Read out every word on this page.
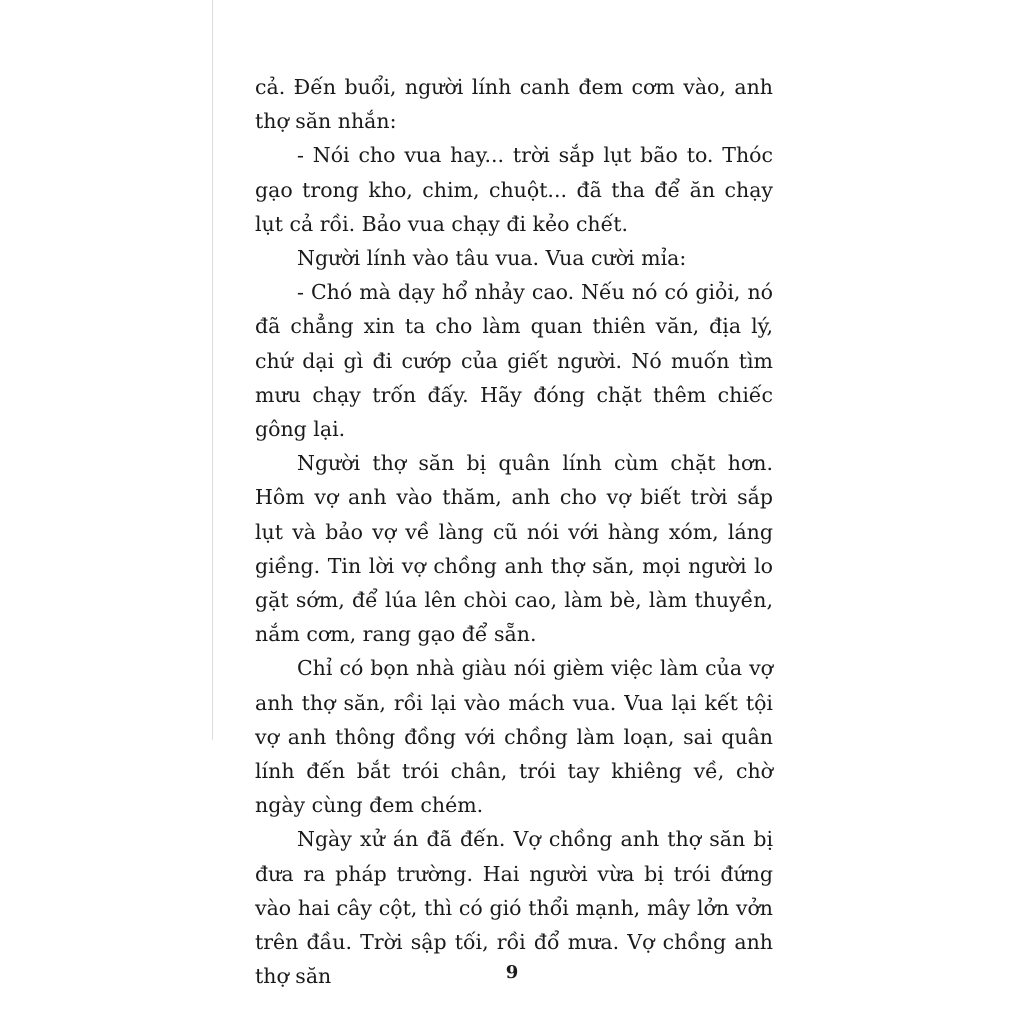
cả. Đến buổi, người lính canh đem cơm vào, anh thợ săn nhắn:

- Nói cho vua hay... trời sắp lụt bão to. Thóc gạo trong kho, chim, chuột... đã tha để ăn chạy lụt cả rồi. Bảo vua chạy đi kẻo chết.

Người lính vào tâu vua. Vua cười mỉa:

- Chó mà dạy hổ nhảy cao. Nếu nó có giỏi, nó đã chẳng xin ta cho làm quan thiên văn, địa lý, chứ dại gì đi cướp của giết người. Nó muốn tìm mưu chạy trốn đấy. Hãy đóng chặt thêm chiếc gông lại.

Người thợ săn bị quân lính cùm chặt hơn. Hôm vợ anh vào thăm, anh cho vợ biết trời sắp lụt và bảo vợ về làng cũ nói với hàng xóm, láng giềng. Tin lời vợ chồng anh thợ săn, mọi người lo gặt sớm, để lúa lên chòi cao, làm bè, làm thuyền, nắm cơm, rang gạo để sẵn.

Chỉ có bọn nhà giàu nói gièm việc làm của vợ anh thợ săn, rồi lại vào mách vua. Vua lại kết tội vợ anh thông đồng với chồng làm loạn, sai quân lính đến bắt trói chân, trói tay khiêng về, chờ ngày cùng đem chém.

Ngày xử án đã đến. Vợ chồng anh thợ săn bị đưa ra pháp trường. Hai người vừa bị trói đứng vào hai cây cột, thì có gió thổi mạnh, mây lởn vởn trên đầu. Trời sập tối, rồi đổ mưa. Vợ chồng anh thợ săn	9
